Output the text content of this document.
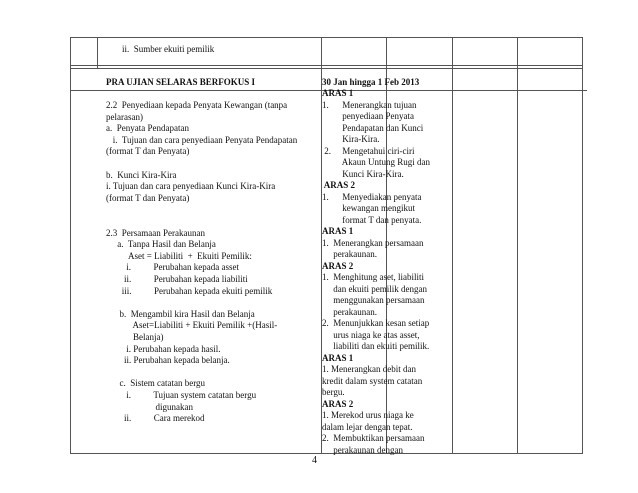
ii.  Sumber ekuiti pemilik
PRA UJIAN SELARAS BERFOKUS I	30 Jan hingga 1 Feb 2013
2.2  Penyediaan kepada Penyata Kewangan (tanpa
pelarasan)
a.  Penyata Pendapatan
i.  Tujuan dan cara penyediaan Penyata Pendapatan
(format T dan Penyata)
b.  Kunci Kira-Kira
i. Tujuan dan cara penyediaan Kunci Kira-Kira
(format T dan Penyata)
2.3  Persamaan Perakaunan
a.  Tanpa Hasil dan Belanja
Aset = Liabiliti  +  Ekuiti Pemilik:
i.          Perubahan kepada asset
ii.          Perubahan kepada liabiliti
iii.          Perubahan kepada ekuiti pemilik
b.  Mengambil kira Hasil dan Belanja
Aset=Liabiliti + Ekuiti Pemilik +(Hasil-
Belanja)
i. Perubahan kepada hasil.
ii. Perubahan kepada belanja.
c.  Sistem catatan bergu
i.          Tujuan system catatan bergu
digunakan
ii.          Cara merekod
ARAS 1
1.      Menerangkan tujuan
penyediaan Penyata
Pendapatan dan Kunci
Kira-Kira.
2.     Mengetahui ciri-ciri
Akaun Untung Rugi dan
Kunci Kira-Kira.
ARAS 2
1.      Menyediakan penyata
kewangan mengikut
format T dan penyata.
ARAS 1
1.  Menerangkan persamaan
perakaunan.
ARAS 2
1.  Menghitung aset, liabiliti
dan ekuiti pemilik dengan
menggunakan persamaan
perakaunan.
2.  Menunjukkan kesan setiap
urus niaga ke atas asset,
liabiliti dan ekuiti pemilik.
ARAS 1
1. Menerangkan debit dan
kredit dalam system catatan
bergu.
ARAS 2
1. Merekod urus niaga ke
dalam lejar dengan tepat.
2.  Membuktikan persamaan
perakaunan dengan
4
